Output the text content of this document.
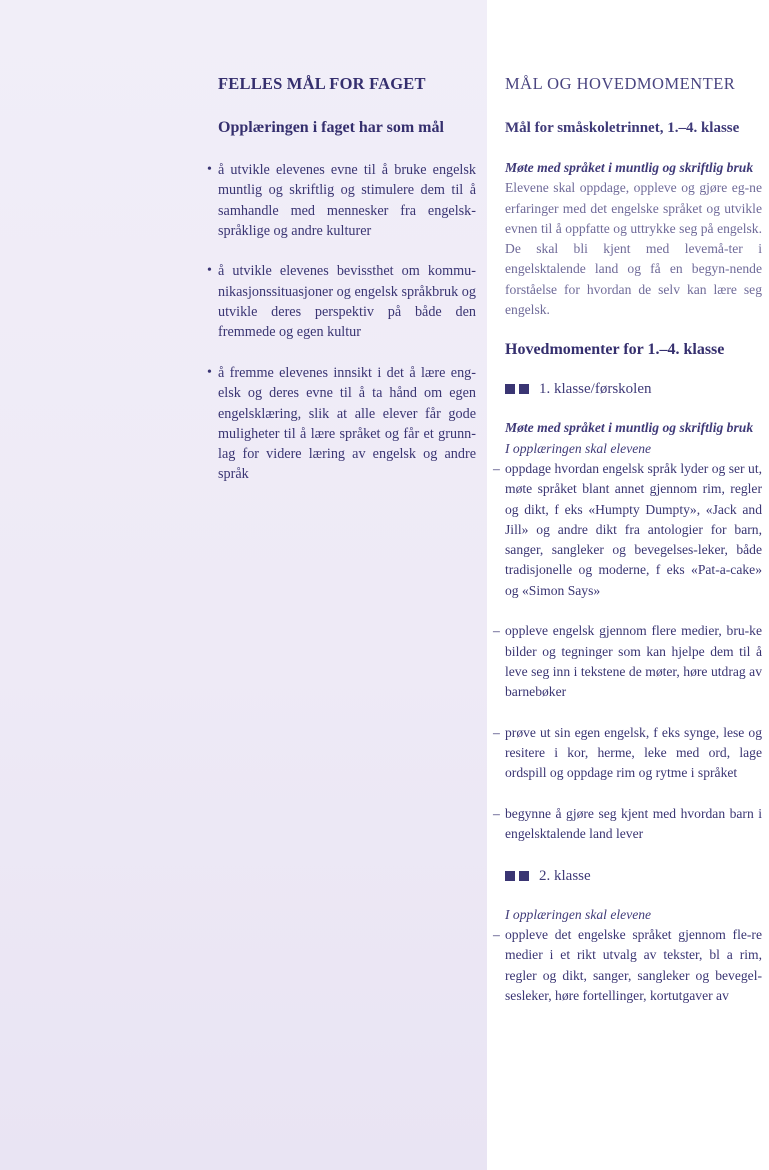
FELLES MÅL FOR FAGET
Opplæringen i faget har som mål
• å utvikle elevenes evne til å bruke engelsk muntlig og skriftlig og stimulere dem til å samhandle med mennesker fra engelsk-språklige og andre kulturer
• å utvikle elevenes bevissthet om kommu-nikasjonssituasjoner og engelsk språkbruk og utvikle deres perspektiv på både den fremmede og egen kultur
• å fremme elevenes innsikt i det å lære eng-elsk og deres evne til å ta hånd om egen engelsklæring, slik at alle elever får gode muligheter til å lære språket og får et grunn-lag for videre læring av engelsk og andre språk
MÅL OG HOVEDMOMENTER
Mål for småskoletrinnet, 1.–4. klasse
Møte med språket i muntlig og skriftlig bruk
Elevene skal oppdage, oppleve og gjøre eg-ne erfaringer med det engelske språket og utvikle evnen til å oppfatte og uttrykke seg på engelsk. De skal bli kjent med levemå-ter i engelsktalende land og få en begyn-nende forståelse for hvordan de selv kan lære seg engelsk.
Hovedmomenter for 1.–4. klasse
1. klasse/førskolen
Møte med språket i muntlig og skriftlig bruk
I opplæringen skal elevene
– oppdage hvordan engelsk språk lyder og ser ut, møte språket blant annet gjennom rim, regler og dikt, f eks «Humpty Dumpty», «Jack and Jill» og andre dikt fra antologier for barn, sanger, sangleker og bevegelses-leker, både tradisjonelle og moderne, f eks «Pat-a-cake» og «Simon Says»
– oppleve engelsk gjennom flere medier, bru-ke bilder og tegninger som kan hjelpe dem til å leve seg inn i tekstene de møter, høre utdrag av barnebøker
– prøve ut sin egen engelsk, f eks synge, lese og resitere i kor, herme, leke med ord, lage ordspill og oppdage rim og rytme i språket
– begynne å gjøre seg kjent med hvordan barn i engelsktalende land lever
2. klasse
I opplæringen skal elevene
– oppleve det engelske språket gjennom fle-re medier i et rikt utvalg av tekster, bl a rim, regler og dikt, sanger, sangleker og bevegel-sesleker, høre fortellinger, kortutgaver av
